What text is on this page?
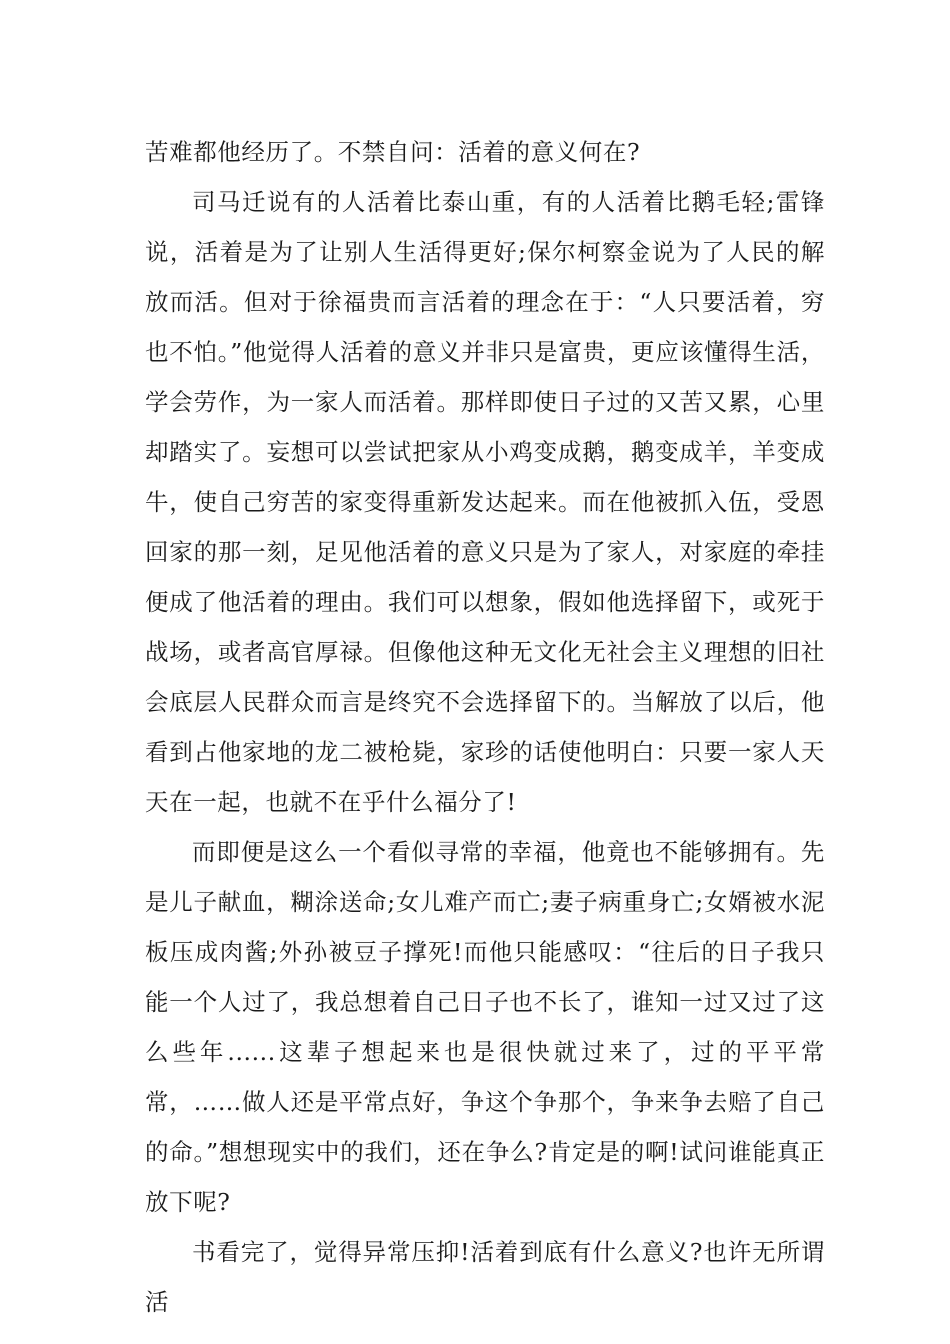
苦难都他经历了。不禁自问：活着的意义何在?

司马迁说有的人活着比泰山重，有的人活着比鹅毛轻;雷锋说，活着是为了让别人生活得更好;保尔柯察金说为了人民的解放而活。但对于徐福贵而言活着的理念在于：“人只要活着，穷也不怕。”他觉得人活着的意义并非只是富贵，更应该懂得生活，学会劳作，为一家人而活着。那样即使日子过的又苦又累，心里却踏实了。妄想可以尝试把家从小鸡变成鹅，鹅变成羊，羊变成牛，使自己穷苦的家变得重新发达起来。而在他被抓入伍，受恩回家的那一刻，足见他活着的意义只是为了家人，对家庭的牵挂便成了他活着的理由。我们可以想象，假如他选择留下，或死于战场，或者高官厚禄。但像他这种无文化无社会主义理想的旧社会底层人民群众而言是终究不会选择留下的。当解放了以后，他看到占他家地的龙二被枪毙，家珍的话使他明白：只要一家人天天在一起，也就不在乎什么福分了!

而即便是这么一个看似寻常的幸福，他竟也不能够拥有。先是儿子献血，糊涂送命;女儿难产而亡;妻子病重身亡;女婿被水泥板压成肉酱;外孙被豆子撑死!而他只能感叹：“往后的日子我只能一个人过了，我总想着自己日子也不长了，谁知一过又过了这么些年......这辈子想起来也是很快就过来了，过的平平常常，……做人还是平常点好，争这个争那个，争来争去赔了自己的命。”想想现实中的我们，还在争么?肯定是的啊!试问谁能真正放下呢?

书看完了，觉得异常压抑!活着到底有什么意义?也许无所谓活
